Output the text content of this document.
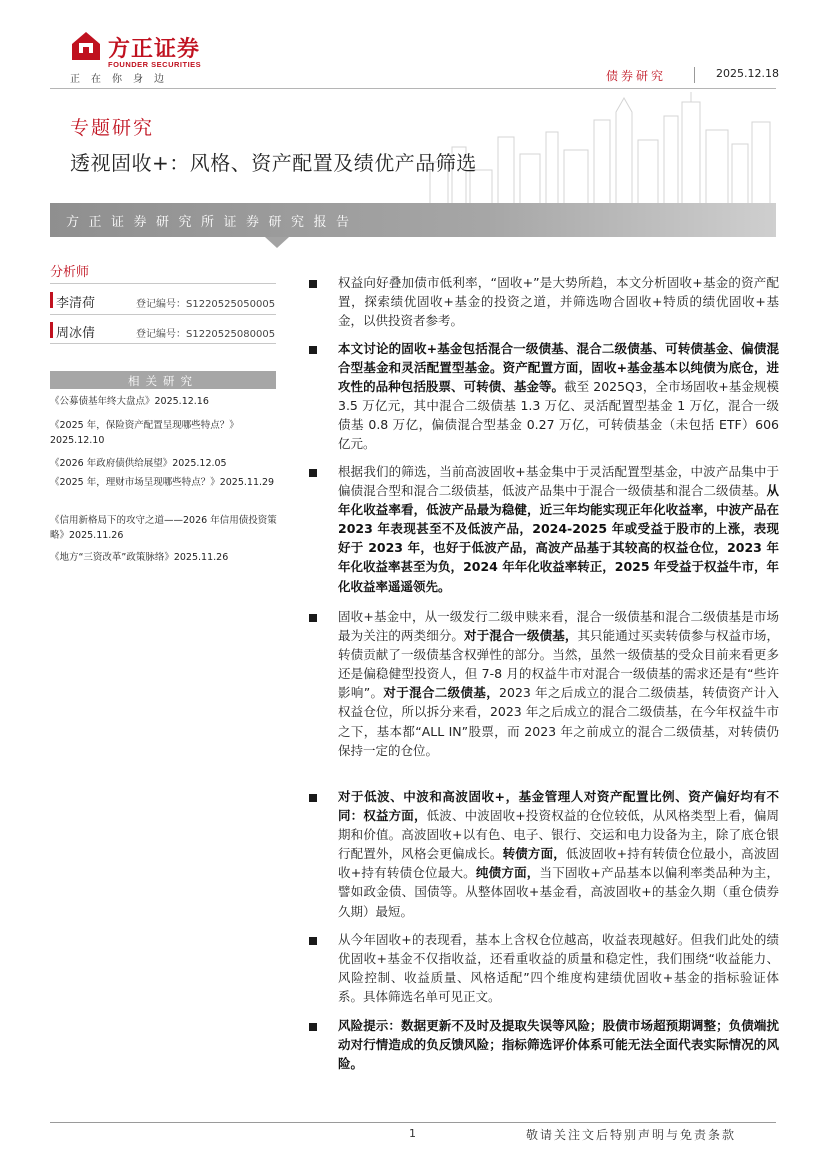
方正证券
FOUNDER SECURITIES
正在你身边	债券研究	2025.12.18
专题研究
透视固收+：风格、资产配置及绩优产品筛选
方正证券研究所证券研究报告
分析师
李清荷	登记编号：S1220525050005
周冰倩	登记编号：S1220525080005
相关研究
《公募债基年终大盘点》2025.12.16
《2025 年，保险资产配置呈现哪些特点？》2025.12.10
《2026 年政府债供给展望》2025.12.05
《2025 年，理财市场呈现哪些特点？》2025.11.29
《信用新格局下的攻守之道——2026 年信用债投资策略》2025.11.26
《地方“三资改革”政策脉络》2025.11.26
权益向好叠加债市低利率，“固收+”是大势所趋，本文分析固收+基金的资产配置，探索绩优固收+基金的投资之道，并筛选吻合固收+特质的绩优固收+基金，以供投资者参考。
本文讨论的固收+基金包括混合一级债基、混合二级债基、可转债基金、偏债混合型基金和灵活配置型基金。资产配置方面，固收+基金基本以纯债为底仓，进攻性的品种包括股票、可转债、基金等。截至 2025Q3，全市场固收+基金规模 3.5 万亿元，其中混合二级债基 1.3 万亿、灵活配置型基金 1 万亿，混合一级债基 0.8 万亿，偏债混合型基金 0.27 万亿，可转债基金（未包括 ETF）606 亿元。
根据我们的筛选，当前高波固收+基金集中于灵活配置型基金，中波产品集中于偏债混合型和混合二级债基，低波产品集中于混合一级债基和混合二级债基。从年化收益率看，低波产品最为稳健，近三年均能实现正年化收益率，中波产品在 2023 年表现甚至不及低波产品，2024-2025 年或受益于股市的上涨，表现好于 2023 年，也好于低波产品，高波产品基于其较高的权益仓位，2023 年年化收益率甚至为负，2024 年年化收益率转正，2025 年受益于权益牛市，年化收益率遥遥领先。
固收+基金中，从一级发行二级申赎来看，混合一级债基和混合二级债基是市场最为关注的两类细分。对于混合一级债基，其只能通过买卖转债参与权益市场，转债贡献了一级债基含权弹性的部分。当然，虽然一级债基的受众目前来看更多还是偏稳健型投资人，但 7-8 月的权益牛市对混合一级债基的需求还是有“些许影响”。对于混合二级债基，2023 年之后成立的混合二级债基，转债资产计入权益仓位，所以拆分来看，2023 年之后成立的混合二级债基，在今年权益牛市之下，基本都“ALL IN”股票，而 2023 年之前成立的混合二级债基，对转债仍保持一定的仓位。
对于低波、中波和高波固收+，基金管理人对资产配置比例、资产偏好均有不同：权益方面，低波、中波固收+投资权益的仓位较低，从风格类型上看，偏周期和价值。高波固收+以有色、电子、银行、交运和电力设备为主，除了底仓银行配置外，风格会更偏成长。转债方面，低波固收+持有转债仓位最小，高波固收+持有转债仓位最大。纯债方面，当下固收+产品基本以偏利率类品种为主，譬如政金债、国债等。从整体固收+基金看，高波固收+的基金久期（重仓债券久期）最短。
从今年固收+的表现看，基本上含权仓位越高，收益表现越好。但我们此处的绩优固收+基金不仅指收益，还看重收益的质量和稳定性，我们围绕“收益能力、风险控制、收益质量、风格适配”四个维度构建绩优固收+基金的指标验证体系。具体筛选名单可见正文。
风险提示：数据更新不及时及提取失误等风险；股债市场超预期调整；负债端扰动对行情造成的负反馈风险；指标筛选评价体系可能无法全面代表实际情况的风险。
1	敬请关注文后特别声明与免责条款
